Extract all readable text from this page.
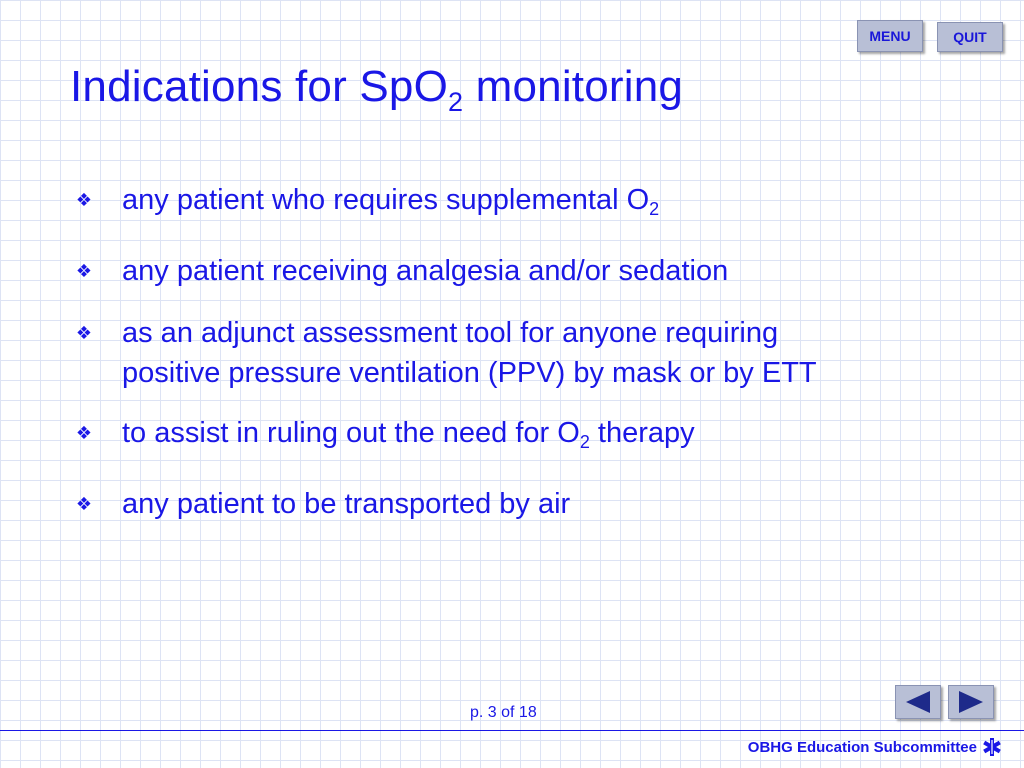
MENU	QUIT
Indications for SpO$_2$ monitoring
❖ any patient who requires supplemental $O_2$
❖ any patient receiving analgesia and/or sedation
❖ as an adjunct assessment tool for anyone requiring positive pressure ventilation (PPV) by mask or by ETT
❖ to assist in ruling out the need for $O_2$ therapy
❖ any patient to be transported by air
p. 3 of 18
OBHG Education Subcommittee
